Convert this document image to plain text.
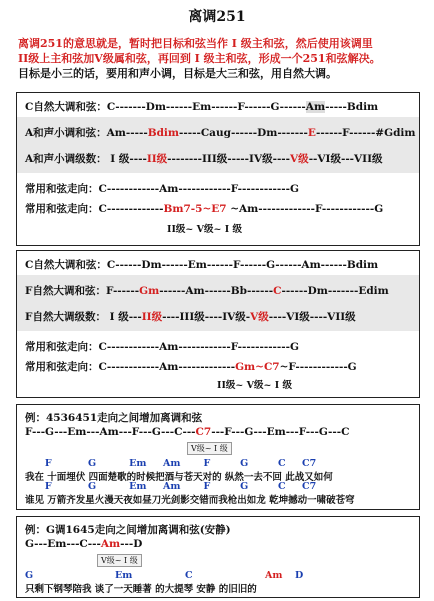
离调251
离调251的意思就是，暂时把目标和弦当作 I 级主和弦，然后使用该调里
II级上主和弦加V级属和弦，再回到 I 级主和弦，形成一个251和弦解决。
目标是小三的话，要用和声小调，目标是大三和弦，用自然大调。
C自然大调和弦：C-------Dm------Em------F------G------Am-----Bdim
A和声小调和弦：Am-----Bdim-----Caug------Dm-------E------F------#Gdim
A和声小调级数： I 级----II级--------III级-----IV级----V级--VI级---VII级
常用和弦走向：C------------Am------------F------------G
常用和弦走向：C-------------Bm7-5~E7 ~Am-------------F------------G
II级~ V级~ I 级
C自然大调和弦：C------Dm------Em------F------G------Am------Bdim
F自然大调和弦：F------Gm------Am------Bb------C------Dm-------Edim
F自然大调级数： I 级---II级----III级----IV级-V级----VI级----VII级
常用和弦走向：C------------Am------------F------------G
常用和弦走向：C------------Am-------------Gm~C7~F------------G
II级~ V级~ I 级
例：4536451走向之间增加离调和弦
F---G---Em---Am---F---G---C---C7---F---G---Em---F---G---C
V级~ I 级
F           G          Em     Am       F         G         C     C7
我在 十面埋伏 四面楚歌的时候把酒与苍天对的 纵然一去不回 此战又如何
F           G          Em     Am       F         G         C     C7
谁见 万箭齐发星火漫天夜如昼刀光剑影交错而我枪出如龙 乾坤撼动一啸破苍穹
例：G调1645走向之间增加离调和弦(安静)
G---Em---C---Am---D
V级~ I 级
G	Em	C	Am D
只剩下钢琴陪我 谈了一天睡著 的大提琴 安静 的旧旧的
